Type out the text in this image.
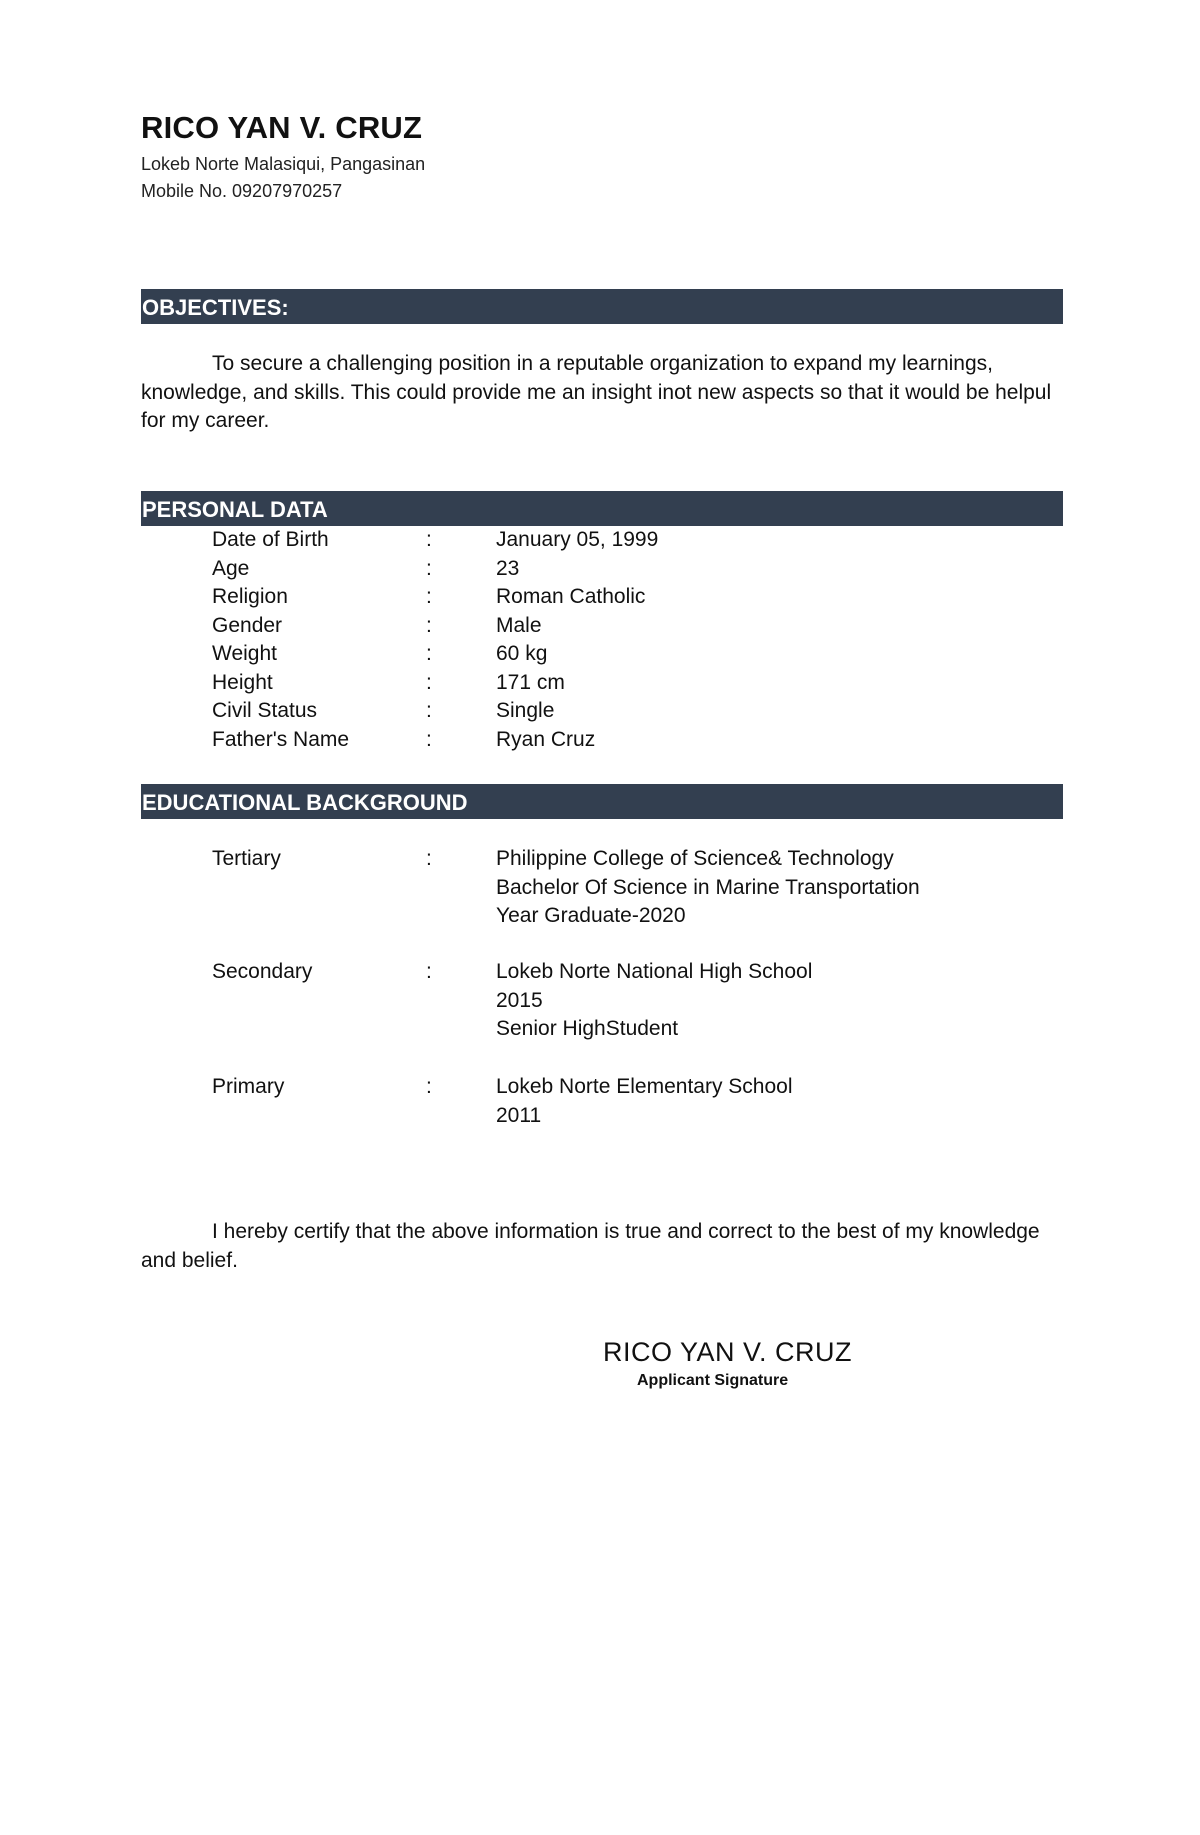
RICO YAN V. CRUZ
Lokeb Norte Malasiqui, Pangasinan
Mobile No. 09207970257
OBJECTIVES:
To secure a challenging position in a reputable organization to expand my learnings, knowledge, and skills. This could provide me an insight inot new aspects so that it would be helpul for my career.
PERSONAL DATA
Date of Birth	:	January 05, 1999
Age	:	23
Religion	:	Roman Catholic
Gender	:	Male
Weight	:	60 kg
Height	:	171 cm
Civil Status	:	Single
Father's Name	:	Ryan Cruz
EDUCATIONAL BACKGROUND
Tertiary	:	Philippine College of Science& Technology
Bachelor Of Science in Marine Transportation
Year Graduate-2020
Secondary	:	Lokeb Norte National High School
2015
Senior HighStudent
Primary	:	Lokeb Norte Elementary School
2011
I hereby certify that the above information is true and correct to the best of my knowledge and belief.
RICO YAN V. CRUZ
Applicant Signature
